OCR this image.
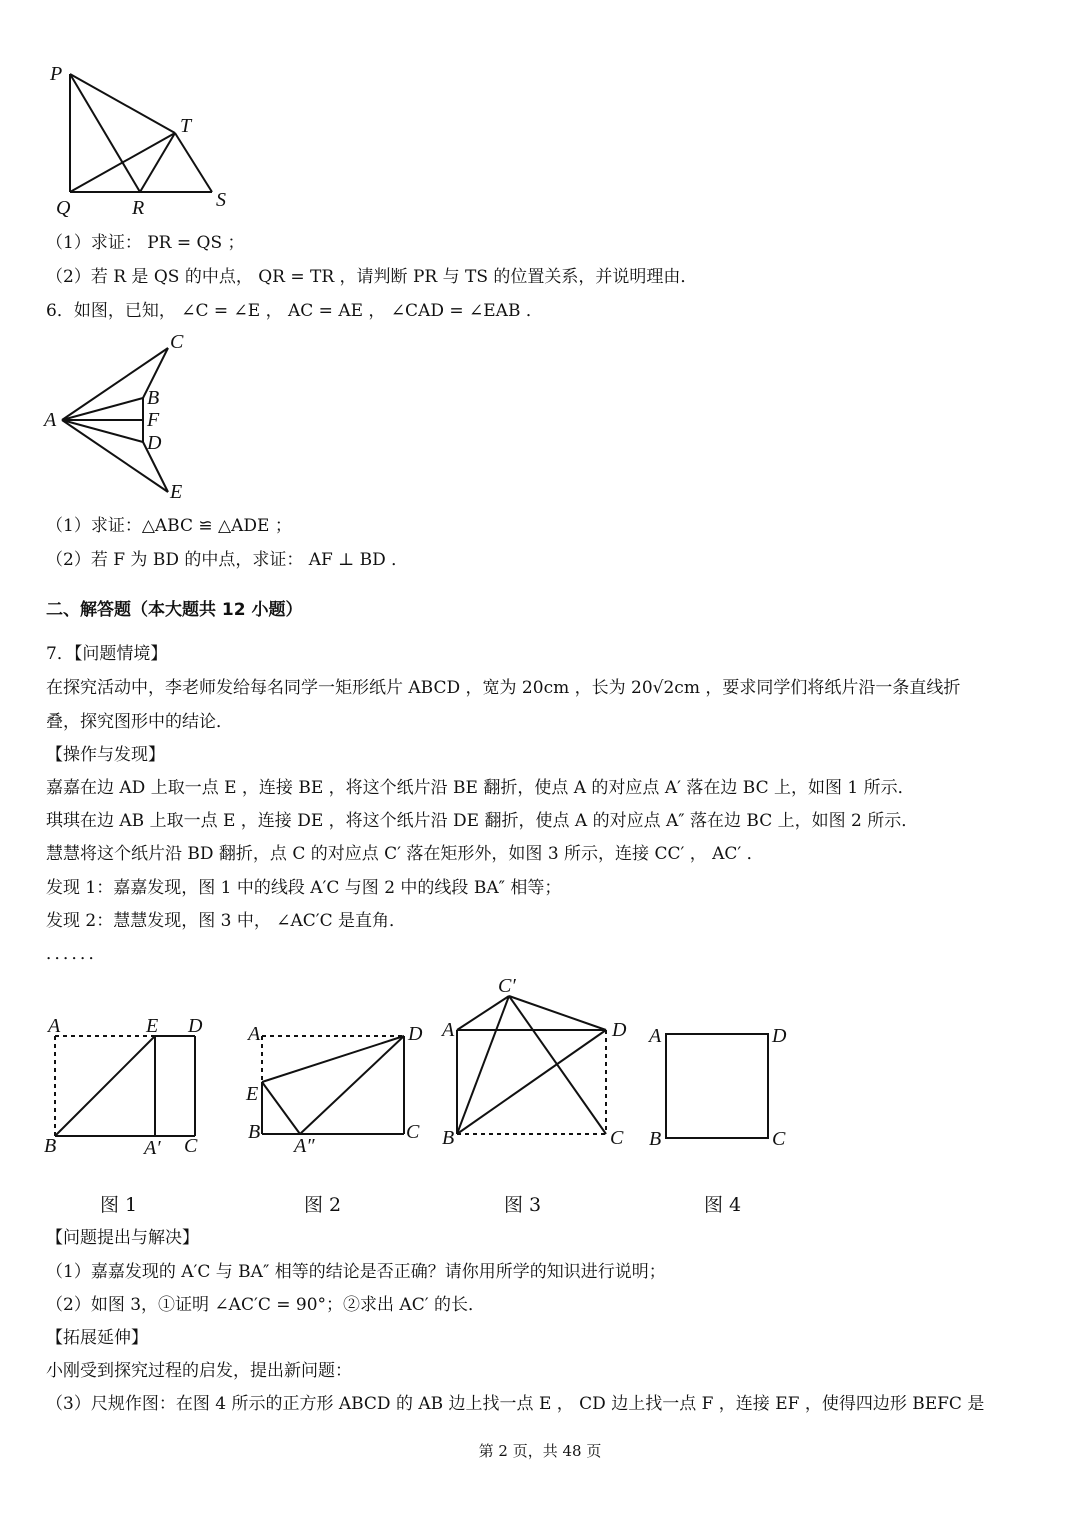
P
T
Q	R	S
（1）求证： PR = QS ；
（2）若 R 是 QS 的中点， QR = TR ，请判断 PR 与 TS 的位置关系，并说明理由．
6．如图，已知， ∠C = ∠E ， AC = AE ， ∠CAD = ∠EAB ．
C
B
A	F
D
E
（1）求证：△ABC ≌ △ADE ；
（2）若 F 为 BD 的中点，求证： AF ⊥ BD ．
二、解答题（本大题共 12 小题）
7．【问题情境】
在探究活动中，李老师发给每名同学一矩形纸片 ABCD ，宽为 20cm ，长为 20√2cm ，要求同学们将纸片沿一条直线折
叠，探究图形中的结论．
【操作与发现】
嘉嘉在边 AD 上取一点 E ，连接 BE ，将这个纸片沿 BE 翻折，使点 A 的对应点 A′ 落在边 BC 上，如图 1 所示．
琪琪在边 AB 上取一点 E ，连接 DE ，将这个纸片沿 DE 翻折，使点 A 的对应点 A″ 落在边 BC 上，如图 2 所示．
慧慧将这个纸片沿 BD 翻折，点 C 的对应点 C′ 落在矩形外，如图 3 所示，连接 CC′ ， AC′ ．
发现 1：嘉嘉发现，图 1 中的线段 A′C 与图 2 中的线段 BA″ 相等；
发现 2：慧慧发现，图 3 中， ∠AC′C 是直角．
．．．．．．
A	E D
B	A′ C
A	D
E
B
A″
C
C′
A	D
B	C
A	D
B	C
图 1	图 2	图 3	图 4
【问题提出与解决】
（1）嘉嘉发现的 A′C 与 BA″ 相等的结论是否正确？请你用所学的知识进行说明；
（2）如图 3，①证明 ∠AC′C = 90°；②求出 AC′ 的长．
【拓展延伸】
小刚受到探究过程的启发，提出新问题：
（3）尺规作图：在图 4 所示的正方形 ABCD 的 AB 边上找一点 E ， CD 边上找一点 F ，连接 EF ，使得四边形 BEFC 是
第 2 页，共 48 页
